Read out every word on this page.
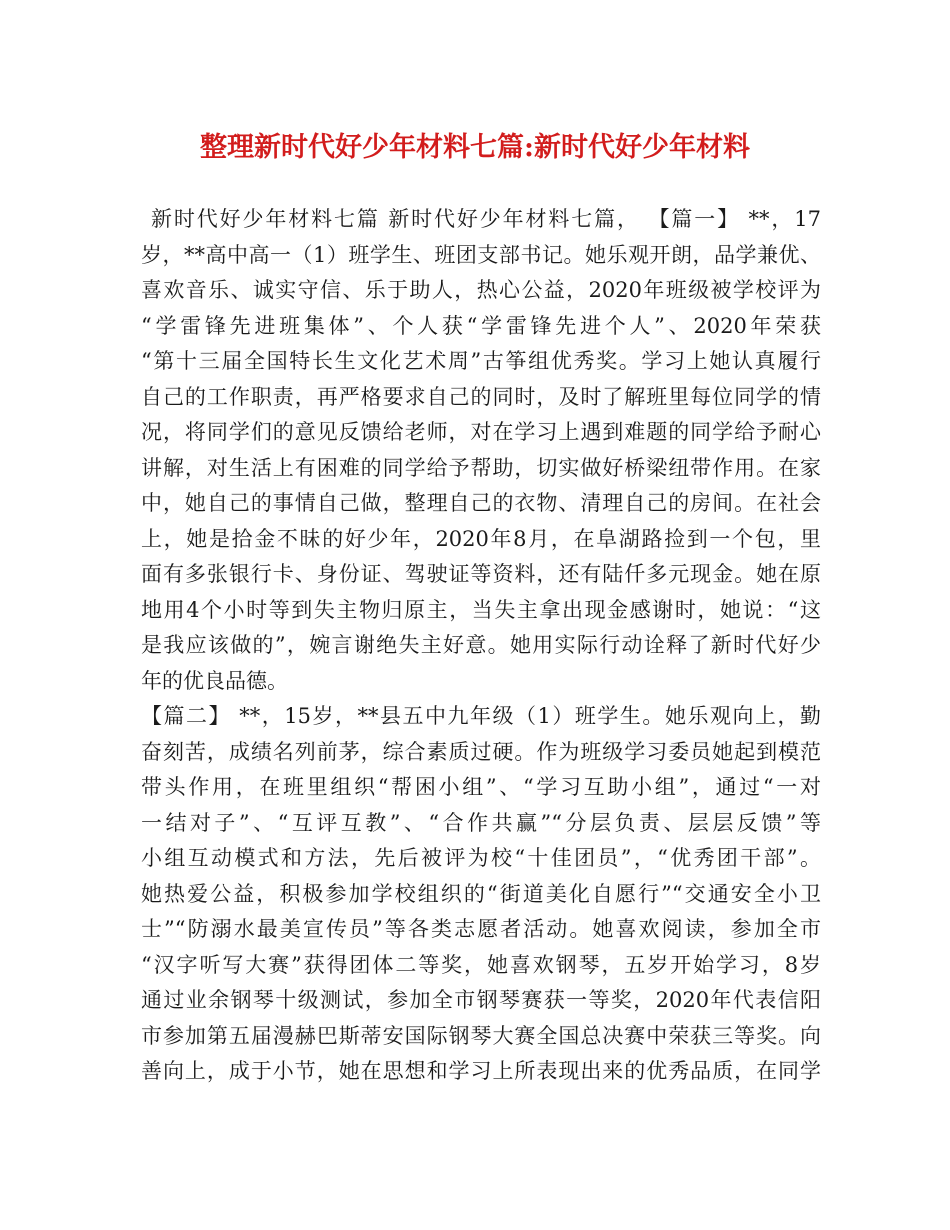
整理新时代好少年材料七篇:新时代好少年材料
新时代好少年材料七篇 新时代好少年材料七篇， 【篇一】 **，17
岁，**高中高一（1）班学生、班团支部书记。她乐观开朗，品学兼优、
喜欢音乐、诚实守信、乐于助人，热心公益，2020年班级被学校评为
“学雷锋先进班集体”、个人获“学雷锋先进个人”、2020年荣获
“第十三届全国特长生文化艺术周”古筝组优秀奖。学习上她认真履行
自己的工作职责，再严格要求自己的同时，及时了解班里每位同学的情
况，将同学们的意见反馈给老师，对在学习上遇到难题的同学给予耐心
讲解，对生活上有困难的同学给予帮助，切实做好桥梁纽带作用。在家
中，她自己的事情自己做，整理自己的衣物、清理自己的房间。在社会
上，她是拾金不昧的好少年，2020年8月，在阜湖路捡到一个包，里
面有多张银行卡、身份证、驾驶证等资料，还有陆仟多元现金。她在原
地用4个小时等到失主物归原主，当失主拿出现金感谢时，她说：“这
是我应该做的”，婉言谢绝失主好意。她用实际行动诠释了新时代好少
年的优良品德。
【篇二】 **，15岁，**县五中九年级（1）班学生。她乐观向上，勤
奋刻苦，成绩名列前茅，综合素质过硬。作为班级学习委员她起到模范
带头作用，在班里组织“帮困小组”、“学习互助小组”，通过“一对
一结对子”、“互评互教”、“合作共赢”“分层负责、层层反馈”等
小组互动模式和方法，先后被评为校“十佳团员”，“优秀团干部”。
她热爱公益，积极参加学校组织的“街道美化自愿行”“交通安全小卫
士”“防溺水最美宣传员”等各类志愿者活动。她喜欢阅读，参加全市
“汉字听写大赛”获得团体二等奖，她喜欢钢琴，五岁开始学习，8岁
通过业余钢琴十级测试，参加全市钢琴赛获一等奖，2020年代表信阳
市参加第五届漫赫巴斯蒂安国际钢琴大赛全国总决赛中荣获三等奖。向
善向上，成于小节，她在思想和学习上所表现出来的优秀品质，在同学
